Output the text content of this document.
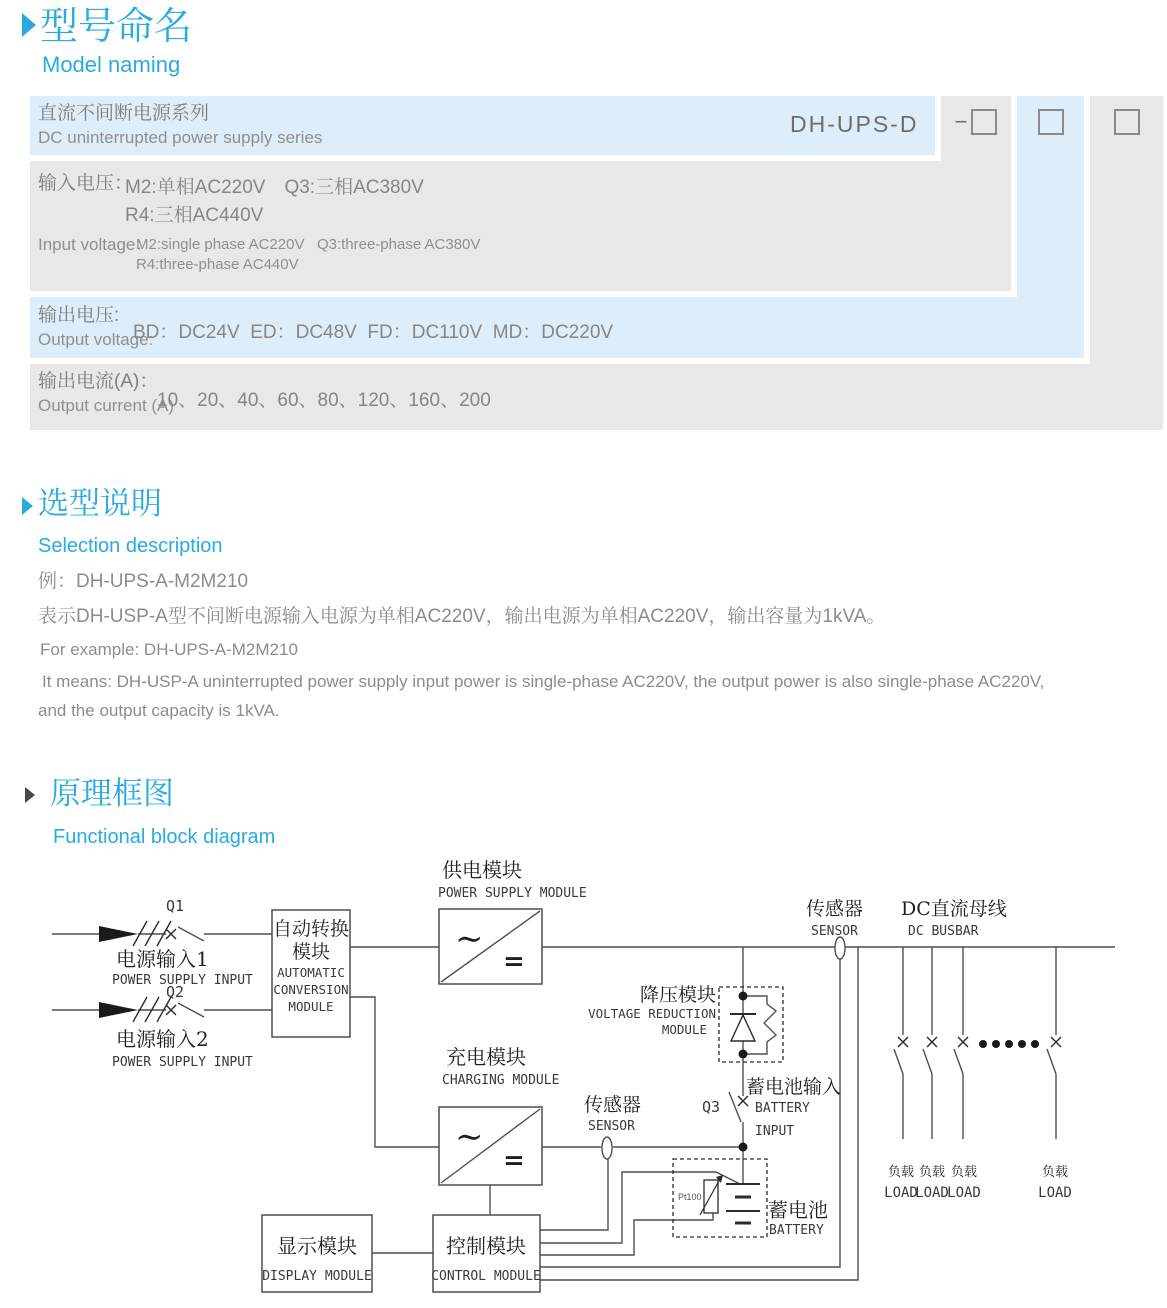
型号命名
Model naming
−
直流不间断电源系列
DC uninterrupted power supply series
DH-UPS-D
输入电压：
M2:单相AC220V　Q3:三相AC380V
R4:三相AC440V
Input voltage：
M2:single phase AC220V   Q3:three-phase AC380V
R4:three-phase AC440V
输出电压:
Output voltage:
BD：DC24V  ED：DC48V  FD：DC110V  MD：DC220V
输出电流(A)：
Output current (A)
10、20、40、60、80、120、160、200
选型说明
Selection description
例：DH-UPS-A-M2M210
表示DH-USP-A型不间断电源输入电源为单相AC220V，输出电源为单相AC220V，输出容量为1kVA。
For example: DH-UPS-A-M2M210
It means: DH-USP-A uninterrupted power supply input power is single-phase AC220V, the output power is also single-phase AC220V,
and the output capacity is 1kVA.
原理框图
Functional block diagram
Q1
Q2
电源输入1
POWER SUPPLY INPUT
电源输入2
POWER SUPPLY INPUT
自动转换
模块
AUTOMATIC
CONVERSION
MODULE
供电模块
POWER SUPPLY MODULE
∼
=
充电模块
CHARGING MODULE
∼
=
传感器
SENSOR
传感器
SENSOR
DC直流母线
DC BUSBAR
降压模块
VOLTAGE REDUCTION
MODULE
蓄电池输入
Q3	BATTERY
INPUT
Pt100
蓄电池
BATTERY
显示模块
DISPLAY MODULE
控制模块
CONTROL MODULE
负载 负载 负载	负载
LOAD
LOAD
LOAD	LOAD
